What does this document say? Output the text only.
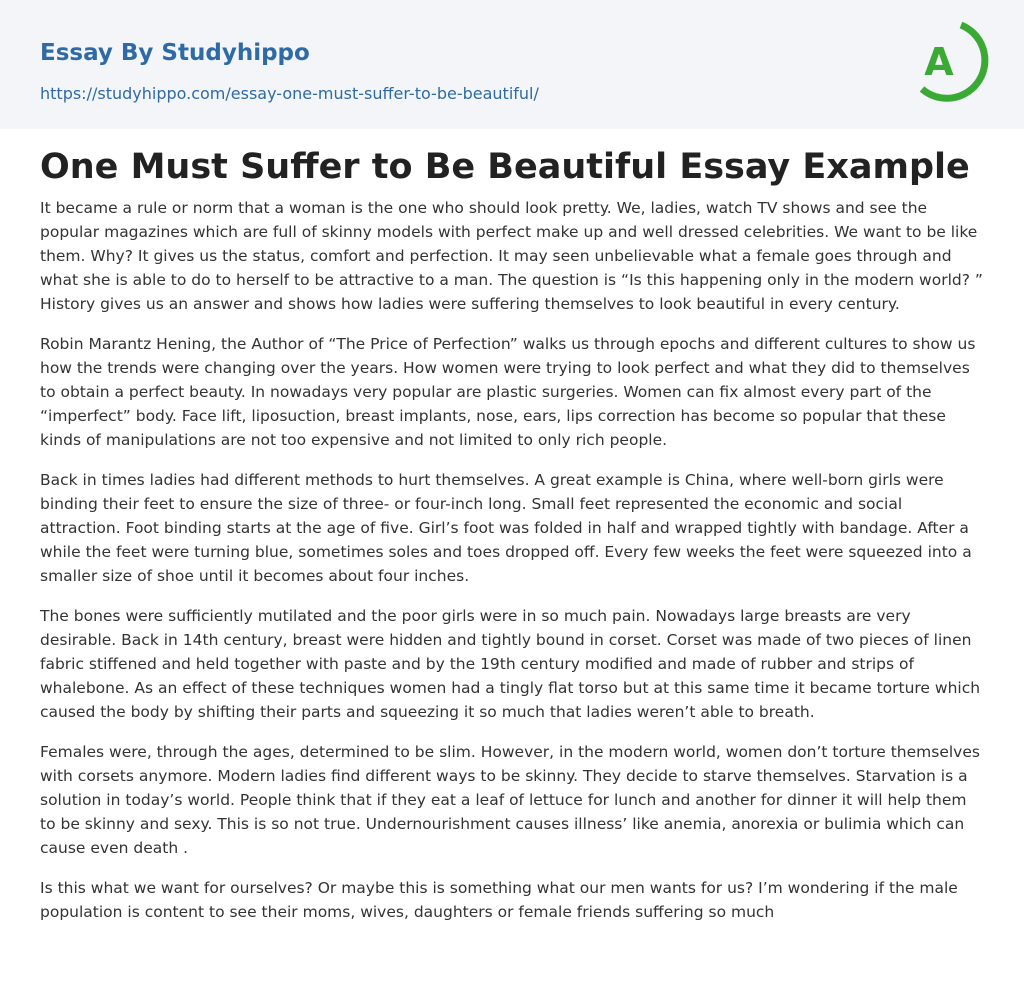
Essay By Studyhippo
https://studyhippo.com/essay-one-must-suffer-to-be-beautiful/
A
One Must Suffer to Be Beautiful Essay Example

It became a rule or norm that a woman is the one who should look pretty. We, ladies, watch TV shows and see the popular magazines which are full of skinny models with perfect make up and well dressed celebrities. We want to be like them. Why? It gives us the status, comfort and perfection. It may seen unbelievable what a female goes through and what she is able to do to herself to be attractive to a man. The question is “Is this happening only in the modern world? ” History gives us an answer and shows how ladies were suffering themselves to look beautiful in every century.

Robin Marantz Hening, the Author of “The Price of Perfection” walks us through epochs and different cultures to show us how the trends were changing over the years. How women were trying to look perfect and what they did to themselves to obtain a perfect beauty. In nowadays very popular are plastic surgeries. Women can fix almost every part of the “imperfect” body. Face lift, liposuction, breast implants, nose, ears, lips correction has become so popular that these kinds of manipulations are not too expensive and not limited to only rich people.

Back in times ladies had different methods to hurt themselves. A great example is China, where well-born girls were binding their feet to ensure the size of three- or four-inch long. Small feet represented the economic and social attraction. Foot binding starts at the age of five. Girl’s foot was folded in half and wrapped tightly with bandage. After a while the feet were turning blue, sometimes soles and toes dropped off. Every few weeks the feet were squeezed into a smaller size of shoe until it becomes about four inches.

The bones were sufficiently mutilated and the poor girls were in so much pain. Nowadays large breasts are very desirable. Back in 14th century, breast were hidden and tightly bound in corset. Corset was made of two pieces of linen fabric stiffened and held together with paste and by the 19th century modified and made of rubber and strips of whalebone. As an effect of these techniques women had a tingly flat torso but at this same time it became torture which caused the body by shifting their parts and squeezing it so much that ladies weren’t able to breath.

Females were, through the ages, determined to be slim. However, in the modern world, women don’t torture themselves with corsets anymore. Modern ladies find different ways to be skinny. They decide to starve themselves. Starvation is a solution in today’s world. People think that if they eat a leaf of lettuce for lunch and another for dinner it will help them to be skinny and sexy. This is so not true. Undernourishment causes illness’ like anemia, anorexia or bulimia which can cause even death .

Is this what we want for ourselves? Or maybe this is something what our men wants for us? I’m wondering if the male population is content to see their moms, wives, daughters or female friends suffering so much
